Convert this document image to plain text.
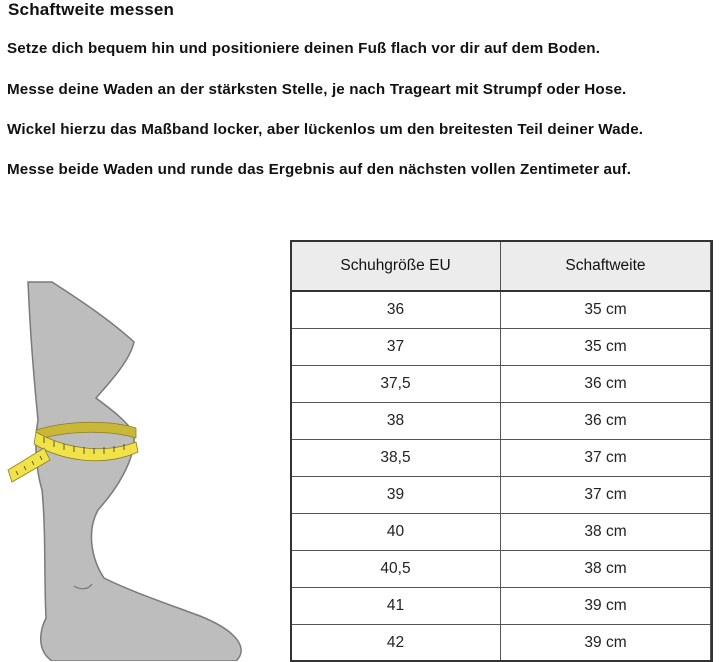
Schaftweite messen
Setze dich bequem hin und positioniere deinen Fuß flach vor dir auf dem Boden.
Messe deine Waden an der stärksten Stelle, je nach Trageart mit Strumpf oder Hose.
Wickel hierzu das Maßband locker, aber lückenlos um den breitesten Teil deiner Wade.
Messe beide Waden und runde das Ergebnis auf den nächsten vollen Zentimeter auf.
Schuhgröße EU	Schaftweite
36	35 cm
37	35 cm
37,5	36 cm
38	36 cm
38,5	37 cm
39	37 cm
40	38 cm
40,5	38 cm
41	39 cm
42	39 cm
